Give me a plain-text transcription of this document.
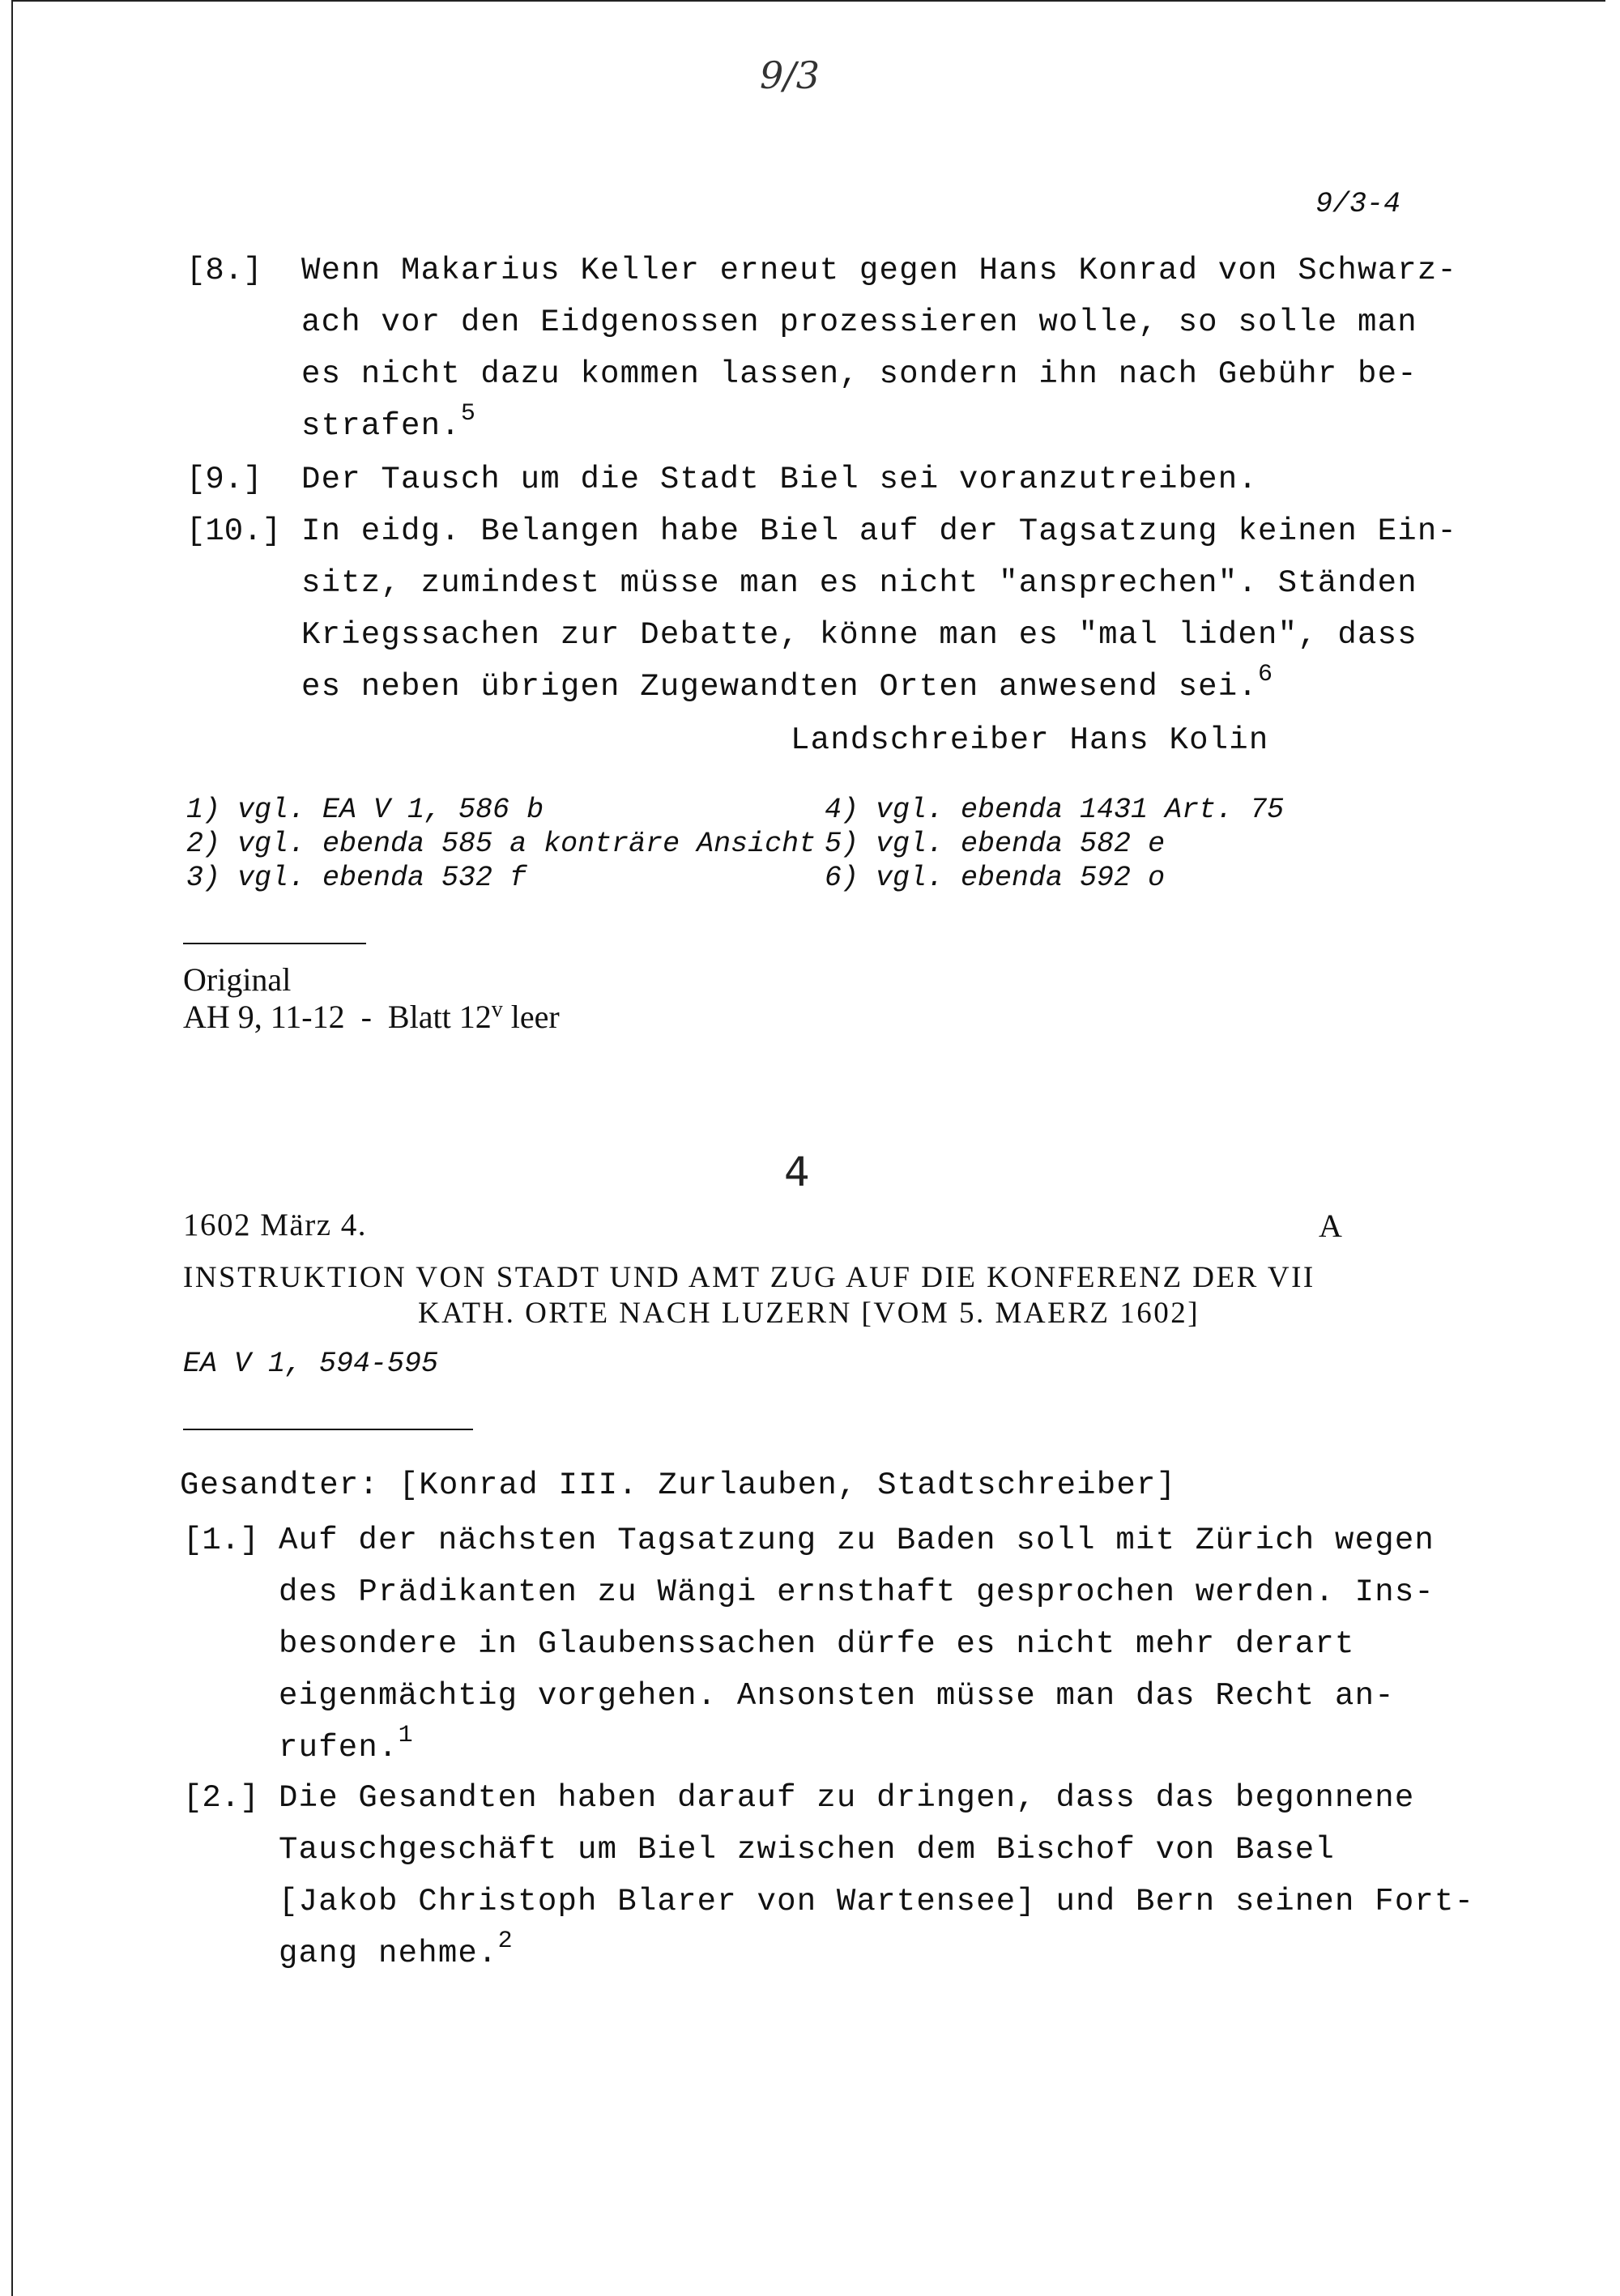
9/3
9/3-4
[8.] Wenn Makarius Keller erneut gegen Hans Konrad von Schwarz-
ach vor den Eidgenossen prozessieren wolle, so solle man
es nicht dazu kommen lassen, sondern ihn nach Gebühr be-
strafen.$^5$
[9.] Der Tausch um die Stadt Biel sei voranzutreiben.
[10.] In eidg. Belangen habe Biel auf der Tagsatzung keinen Ein-
sitz, zumindest müsse man es nicht "ansprechen". Ständen
Kriegssachen zur Debatte, könne man es "mal liden", dass
es neben übrigen Zugewandten Orten anwesend sei.$^6$
Landschreiber Hans Kolin
1) vgl. EA V 1, 586 b
2) vgl. ebenda 585 a konträre Ansicht
3) vgl. ebenda 532 f
4) vgl. ebenda 1431 Art. 75
5) vgl. ebenda 582 e
6) vgl. ebenda 592 o
Original
AH 9, 11-12  -  Blatt 12$^v$ leer
4
1602 März 4.	A
INSTRUKTION VON STADT UND AMT ZUG AUF DIE KONFERENZ DER VII
KATH. ORTE NACH LUZERN [VOM 5. MAERZ 1602]
EA V 1, 594-595
Gesandter: [Konrad III. Zurlauben, Stadtschreiber]
[1.] Auf der nächsten Tagsatzung zu Baden soll mit Zürich wegen
des Prädikanten zu Wängi ernsthaft gesprochen werden. Ins-
besondere in Glaubenssachen dürfe es nicht mehr derart
eigenmächtig vorgehen. Ansonsten müsse man das Recht an-
rufen.$^1$
[2.] Die Gesandten haben darauf zu dringen, dass das begonnene
Tauschgeschäft um Biel zwischen dem Bischof von Basel
[Jakob Christoph Blarer von Wartensee] und Bern seinen Fort-
gang nehme.$^2$
